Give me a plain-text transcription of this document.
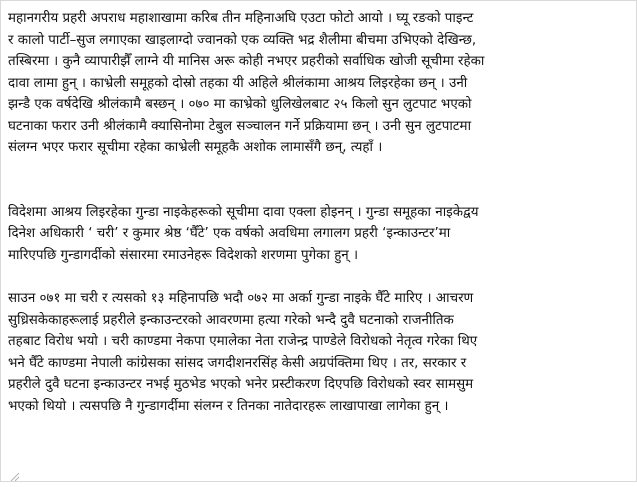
महानगरीय प्रहरी अपराध महाशाखामा करिब तीन महिनाअघि एउटा फोटो आयो । घ्यू रङको पाइन्ट
र कालो पार्टी–सुज लगाएका खाइलाग्दो ज्वानको एक व्यक्ति भद्र शैलीमा बीचमा उभिएको देखिन्छ,
तस्बिरमा । कुनै व्यापारीझैँ लाग्ने यी मानिस अरू कोही नभएर प्रहरीको सर्वाधिक खोजी सूचीमा रहेका
दावा लामा हुन् । काभ्रेली समूहको दोस्रो तहका यी अहिले श्रीलंकामा आश्रय लिइरहेका छन् । उनी
झन्डै एक वर्षदेखि श्रीलंकामै बस्छन् । ०७० मा काभ्रेको धुलिखेलबाट २५ किलो सुन लुटपाट भएको
घटनाका फरार उनी श्रीलंकामै क्यासिनोमा टेबुल सञ्चालन गर्ने प्रक्रियामा छन् । उनी सुन लुटपाटमा
संलग्न भएर फरार सूचीमा रहेका काभ्रेली समूहकै अशोक लामासँगै छन्, त्यहाँ ।

विदेशमा आश्रय लिइरहेका गुन्डा नाइकेहरूको सूचीमा दावा एक्ला होइनन् । गुन्डा समूहका नाइकेद्वय
दिनेश अधिकारी ‘ चरी’ र कुमार श्रेष्ठ ‘घैँटे’ एक वर्षको अवधिमा लगालग प्रहरी ‘इन्काउन्टर’मा
मारिएपछि गुन्डागर्दीको संसारमा रमाउनेहरू विदेशको शरणमा पुगेका हुन् ।

साउन ०७१ मा चरी र त्यसको १३ महिनापछि भदौ ०७२ मा अर्का गुन्डा नाइके घैँटे मारिए । आचरण
सुध्रिसकेकाहरूलाई प्रहरीले इन्काउन्टरको आवरणमा हत्या गरेको भन्दै दुवै घटनाको राजनीतिक
तहबाट विरोध भयो । चरी काण्डमा नेकपा एमालेका नेता राजेन्द्र पाण्डेले विरोधको नेतृत्व गरेका थिए
भने घैँटे काण्डमा नेपाली कांग्रेसका सांसद जगदीशनरसिंह केसी अग्रपंक्तिमा थिए । तर, सरकार र
प्रहरीले दुवै घटना इन्काउन्टर नभई मुठभेड भएको भनेर प्रस्टीकरण दिएपछि विरोधको स्वर सामसुम
भएको थियो । त्यसपछि नै गुन्डागर्दीमा संलग्न र तिनका नातेदारहरू लाखापाखा लागेका हुन् ।
